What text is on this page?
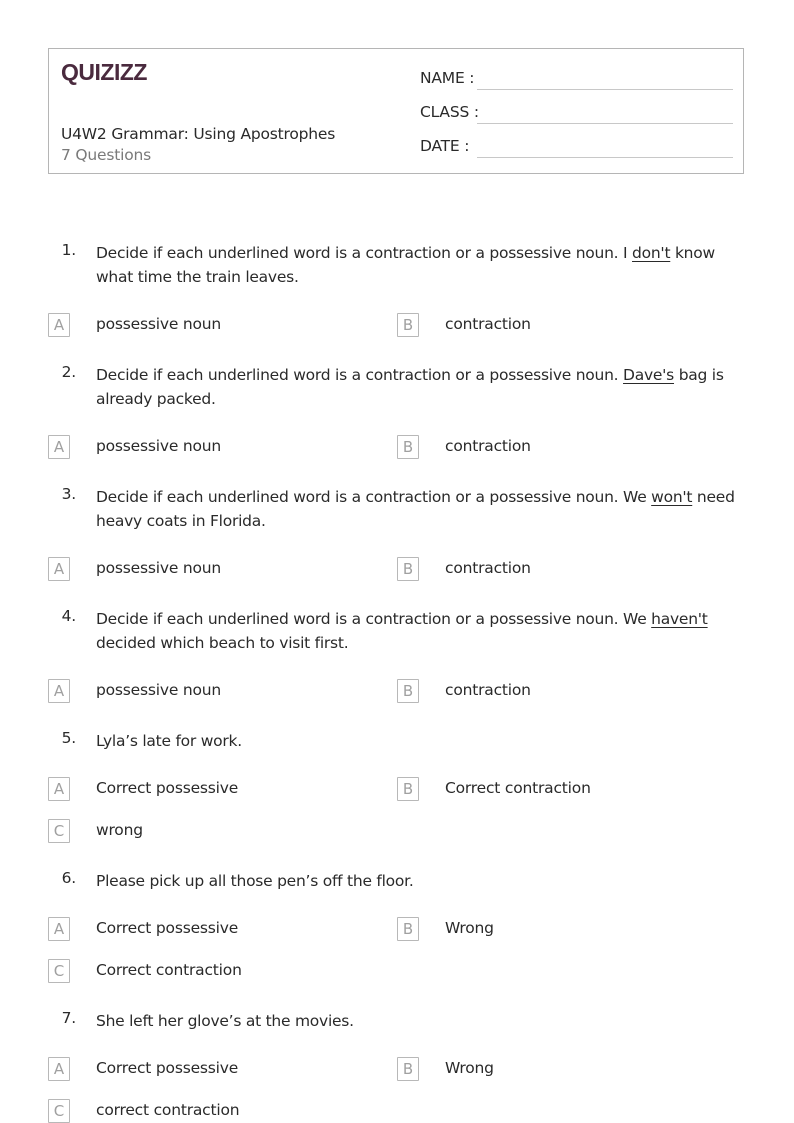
QUIZIZZ
U4W2 Grammar: Using Apostrophes
7 Questions
NAME :
CLASS :
DATE :
1. Decide if each underlined word is a contraction or a possessive noun. I don't know what time the train leaves.
A	possessive noun	B	contraction
2. Decide if each underlined word is a contraction or a possessive noun. Dave's bag is already packed.
A	possessive noun	B	contraction
3. Decide if each underlined word is a contraction or a possessive noun. We won't need heavy coats in Florida.
A	possessive noun	B	contraction
4. Decide if each underlined word is a contraction or a possessive noun. We haven't decided which beach to visit first.
A	possessive noun	B	contraction
5. Lyla’s late for work.
A	Correct possessive	B	Correct contraction
C	wrong
6. Please pick up all those pen’s off the floor.
A	Correct possessive	B	Wrong
C	Correct contraction
7. She left her glove’s at the movies.
A	Correct possessive	B	Wrong
C	correct contraction
